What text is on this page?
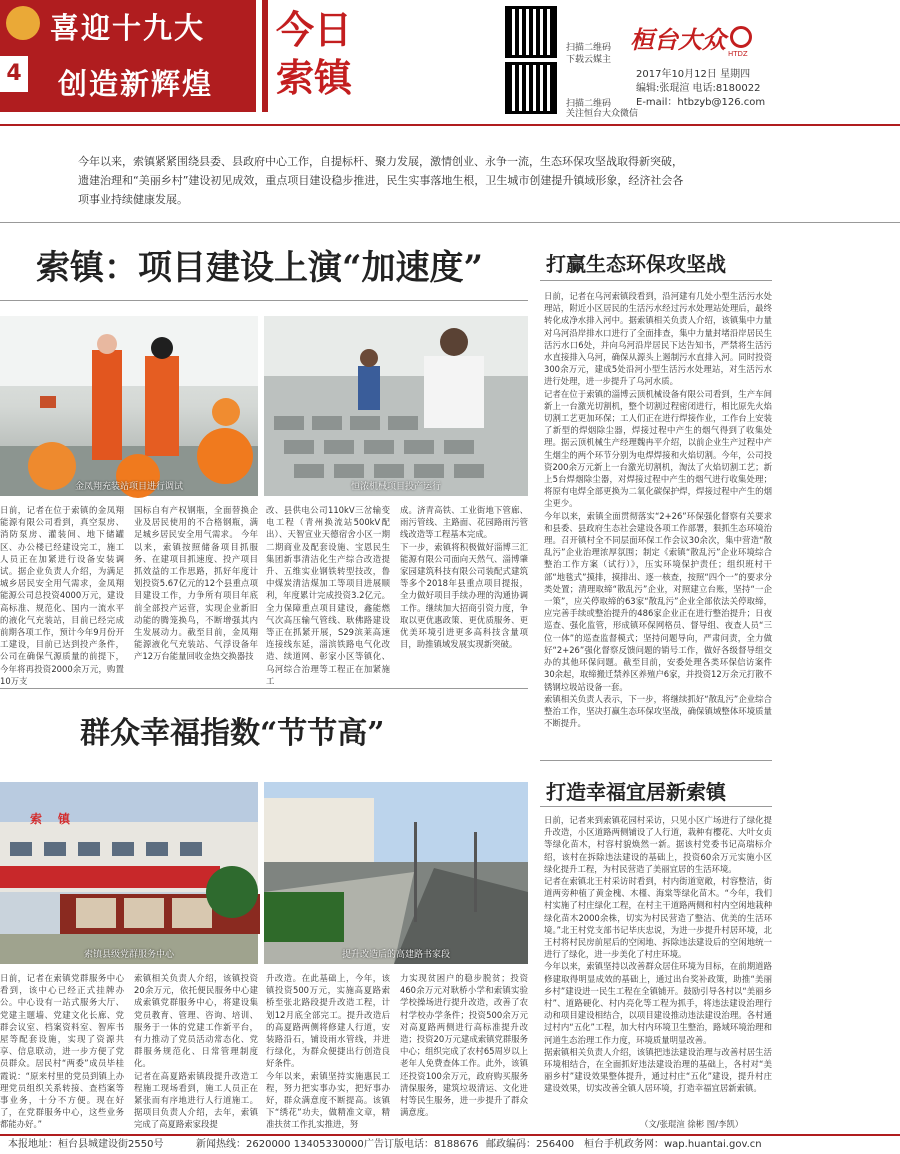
4
喜迎十九大
创造新辉煌
今日
索镇
扫描二维码
下载云媒主
扫描二维码
关注恒台大众微信
桓台大众 HTDZ
2017年10月12日 星期四
编辑:张琨渲 电话:8180022
E-mail：htbzyb@126.com
今年以来，索镇紧紧围绕县委、县政府中心工作，自提标杆、聚力发展，激情创业、永争一流，生态环保攻坚战取得新突破，遗建治理和“美丽乡村”建设初见成效，重点项目建设稳步推进，民生实事落地生根，卫生城市创建提升镇域形象，经济社会各项事业持续健康发展。
索镇：项目建设上演“加速度”
金凤翔充装站项目进行调试	恒浓机械项目投产运行
日前，记者在位于索镇的金凤翔能源有限公司看到，真空泵房、消防泵房、灌装间、地下储罐区、办公楼已经建设完工，施工人员正在加紧进行设备安装调试。据企业负责人介绍，为满足城乡居民安全用气需求，金凤翔能源公司总投资4000万元，建设高标准、规范化、国内一流水平的液化气充装站，目前已经完成前期各项工作，预计今年9月份开工建设，目前已达到投产条件，公司在确保气源质量的前提下，今年将再投资2000余万元，购置10万支
国标自有产权钢瓶，全面替换企业及居民使用的不合格钢瓶，满足城乡居民安全用气需求。 今年以来，索镇按照储备项目抓服务、在建项目抓速度、投产项目抓效益的工作思路，抓好年度计划投资5.67亿元的12个县重点项目建设工作，力争所有项目年底前全部投产运营，实现企业新旧动能的腾笼换鸟，不断增强其内生发展动力。截至目前，金凤翔能源液化气充装站、气浮设备年产12万台能量回收金热交换器技
改、县供电公司110kV三岔输变电工程（青州换流站500kV配出）、天智宣业天德宿舍小区一期二期商业及配套设施、宝恩民生集团新事清洁化生产综合改造提升、五维实业钢铁转型技改，鲁中煤炭清洁煤加工等项目进展顺利，年度累计完成投资3.2亿元。全力保障重点项目建设，鑫能燃气次高压输气管线、耿佛路建设等正在抓紧开展，S29滨莱高速连接线东延，淄滨铁路电气化改造、续道网、彰家小区等镇化、乌河综合治理等工程正在加紧施工
成。济青高铁、工业街地下管廊、雨污管线、主路面、花园路雨污管线改造等工程基本完成。
下一步，索镇将积极做好淄博三汇能源有限公司面向天然气、淄博肇家园建筑科技有限公司装配式建筑等多个2018年县重点项目提报，全力做好项目手续办理的沟通协调工作。继续加大招商引资力度，争取以更优惠政策、更优质服务、更优美环境引进更多高科技含量项目，助推镇域发展实现新突破。
打赢生态环保攻坚战
日前，记者在乌河索镇段看到，沿河建有几处小型生活污水处理站，附近小区居民的生活污水经过污水处理站处理后，最终转化成净水排入河中。据索镇相关负责人介绍，该镇集中力量对乌河沿岸排水口进行了全面排查，集中力量封堵沿岸居民生活污水口6处，并向乌河沿岸居民下达告知书，严禁将生活污水直接排入乌河，确保从源头上遏制污水直排入河。同时投资300余万元，建成5处沿河小型生活污水处理站，对生活污水进行处理，进一步提升了乌河水质。
记者在位于索镇的淄博云顶机械设备有限公司看到，生产车间新上一台激光切割机，整个切割过程密闭进行，相比原先火焰切割工艺更加环保；工人们正在进行焊接作业，工作台上安装了新型的焊烟除尘器，焊接过程中产生的烟气得到了收集处理。据云顶机械生产经理魏冉平介绍，以前企业生产过程中产生烟尘的两个环节分别为电焊焊接和火焰切割。今年，公司投资200余万元新上一台激光切割机，淘汰了火焰切割工艺；新上5台焊烟除尘器，对焊接过程中产生的烟气进行收集处理；将原有电焊全部更换为二氧化碳保护焊，焊接过程中产生的烟尘更少。
今年以来，索镇全面贯彻落实“2+26”环保强化督察有关要求和县委、县政府生态社会建设各项工作部署，狠抓生态环境治理。召开镇村全不同层面环保工作会议30余次，集中营造“散乱污”企业治理浓厚氛围；制定《索镇“散乱污”企业环境综合整治工作方案（试行）》，压实环境保护责任；组织班村干部“地毯式”摸排，摸排出、逐一核查，按照“四个一”的要求分类处置；清理取缔“散乱污”企业，对照建立台账，坚持“一企一策”，应关停取缔的63家“散乱污”企业全部依法关停取缔，应完善手续或整治提升的486家企业正在进行整治提升；日夜巡查、强化监管，形成镇环保网格员、督导组、夜查人员“三位一体”的巡查监督模式；坚持问题导向，严肃问责，全力做好“2+26”强化督察反馈问题的销号工作，做好各级督导组交办的其他环保问题。截至目前，安委处理各类环保信访案件30余起，取缔搬迁禁养区养殖户6家，并投资12万余元打散不锈钢垃圾站设备一套。
索镇相关负责人表示，下一步，将继续抓好“散乱污”企业综合整治工作，坚决打赢生态环保攻坚战，确保镇域整体环境质量不断提升。
群众幸福指数“节节高”
索镇
索镇县级党群服务中心	提升改造后的高建路书家段
日前，记者在索镇党群服务中心看到，该中心已经正式挂牌办公。中心设有一站式服务大厅、党建主题墙、党建文化长廊、党群会议室、档案资料室、智库书屋等配套设施，实现了资源共享、信息联动，进一步方便了党员群众。居民村“两委”成员毕桂霞说：“原来村里的党员到镇上办理党员组织关系转接、查档案等事业务，十分不方便。现在好了，在党群服务中心，这些业务都能办好。”
索镇相关负责人介绍，该镇投资20余万元，依托便民服务中心建成索镇党群服务中心，将建设集党员教育、管理、咨询、培训、服务于一体的党建工作新平台，有力推动了党员活动常态化、党群服务规范化、日常管理制度化。
记者在高夏路索镇段提升改造工程施工现场看到，施工人员正在紧张而有序地进行人行道施工。据项目负责人介绍，去年，索镇完成了高夏路索家段提
升改造。在此基础上，今年，该镇投资500万元，实施高夏路索桥至张北路段提升改造工程，计划12月底全部完工。提升改造后的高夏路两侧将修建人行道，安装路沿石，铺设雨水管线，并进行绿化，为群众便捷出行创造良好条件。
今年以来，索镇坚持实施惠民工程，努力把实事办实，把好事办好，群众满意度不断提高。该镇下“绣花”功夫，做精准文章，精准扶贫工作扎实推进，努
力实现贫困户的稳步脱贫；投资460余万元对耿桥小学和索镇实验学校操场进行提升改造，改善了农村学校办学条件；投资500余万元对高夏路两侧进行高标准提升改造；投资20万元建成索镇党群服务中心；组织完成了农村65周岁以上老年人免费查体工作。此外，该镇还投资100余万元，政府购买服务清保服务，建筑垃圾清运、文化进村等民生服务，进一步提升了群众满意度。
打造幸福宜居新索镇
日前，记者来到索镇花园村采访，只见小区广场进行了绿化提升改造，小区道路两侧铺设了人行道，栽种有樱花、大叶女贞等绿化苗木，村容村貌焕然一新。据该村党委书记高瑞标介绍，该村在拆除违法建设的基础上，投资60余万元实施小区绿化提升工程，为村民营造了美丽宜居的生活环境。
记者在索镇北王村采访时看到，村内街道宽敞，村容整洁，街道两旁种植了黄金槐、木槿、海棠等绿化苗木。“今年，我们村实施了村庄绿化工程，在村主干道路两侧和村内空闲地栽种绿化苗木2000余株，切实为村民营造了整洁、优美的生活环境。”北王村党支部书记毕庆忠说，为进一步提升村居环境，北王村将村民房前屋后的空闲地、拆除违法建设后的空闲地统一进行了绿化，进一步美化了村庄环境。
今年以来，索镇坚持以改善群众居住环境为目标，在前期道路修建取得明显成效的基础上，通过出台奖补政策，助推“美丽乡村”建设进一民生工程在全镇铺开。鼓励引导各村以“美丽乡村”、道路硬化、村内亮化等工程为抓手，将违法建设治理行动和项目建设相结合，以项目建设推动违法建设治理。各村通过村内“五化”工程，加大村内环境卫生整治，路域环境治理和河道生态治理工作力度，环境质量明显改善。
据索镇相关负责人介绍，该镇把违法建设治理与改善村居生活环境相结合，在全面抓好违法建设治理的基础上，各村对“美丽乡村”建设效果整体提升，通过村庄“五化”建设，提升村庄建设效果，切实改善全镇人居环境，打造幸福宜居新索镇。
（文/张琨渲 徐彬 图/李凯）
本报地址：桓台县城建设街2550号	新闻热线：2620000 13405330000 广告订版电话：8188676 邮政编码：256400 桓台手机政务网：wap.huantai.gov.cn
